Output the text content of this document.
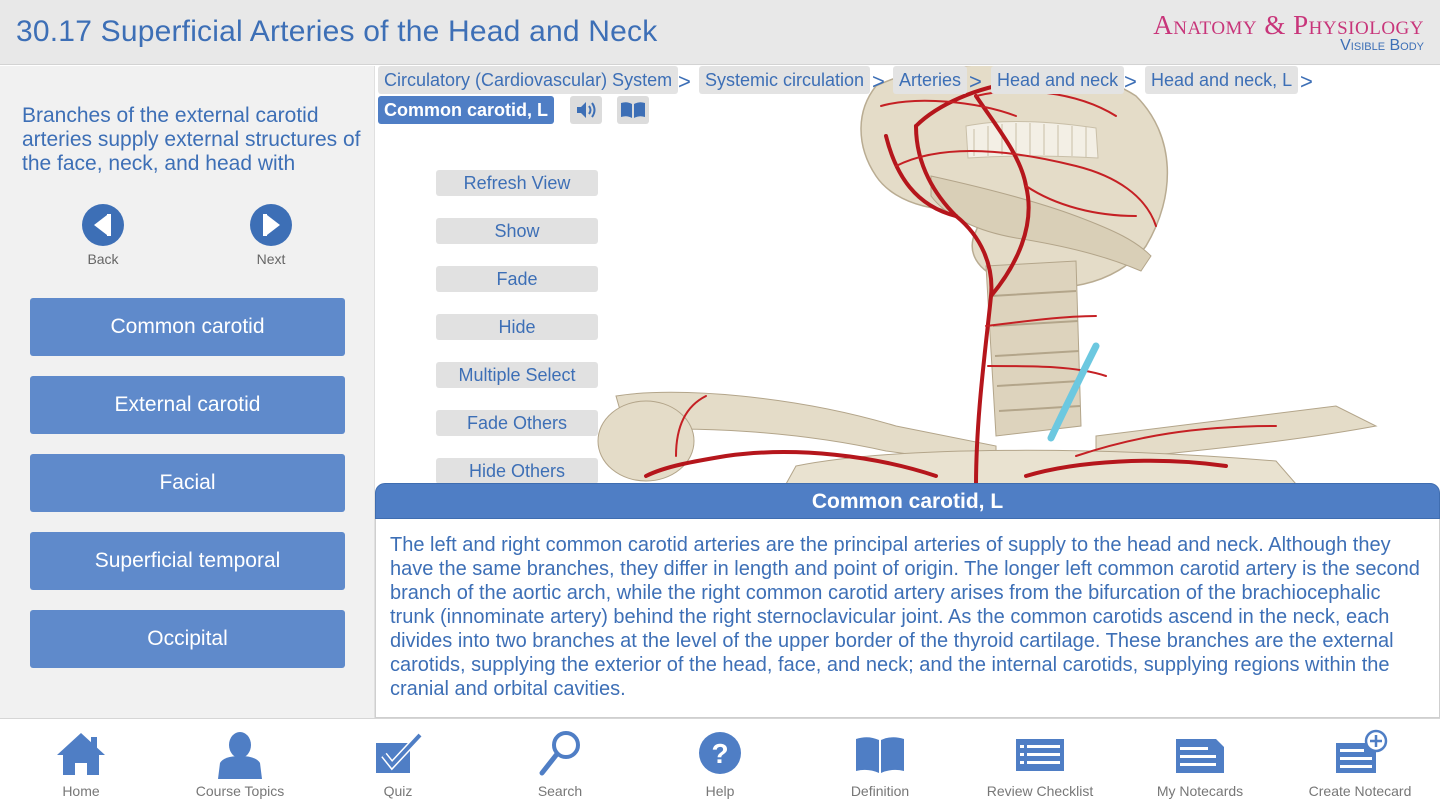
30.17 Superficial Arteries of the Head and Neck	Anatomy & Physiology
Visible Body
Branches of the external carotid arteries supply external structures of the face, neck, and head with
Back	Next
Common carotid
External carotid
Facial
Superficial temporal
Occipital
Circulatory (Cardiovascular) System > Systemic circulation > Arteries > Head and neck > Head and neck, L >
Common carotid, L
Refresh View
Show
Fade
Hide
Multiple Select
Fade Others
Hide Others
Common carotid, L
The left and right common carotid arteries are the principal arteries of supply to the head and neck. Although they have the same branches, they differ in length and point of origin. The longer left common carotid artery is the second branch of the aortic arch, while the right common carotid artery arises from the bifurcation of the brachiocephalic trunk (innominate artery) behind the right sternoclavicular joint. As the common carotids ascend in the neck, each divides into two branches at the level of the upper border of the thyroid cartilage. These branches are the external carotids, supplying the exterior of the head, face, and neck; and the internal carotids, supplying regions within the cranial and orbital cavities.
Home	Course Topics	Quiz	Search
?
Help	Definition	Review Checklist	My Notecards	Create Notecard
